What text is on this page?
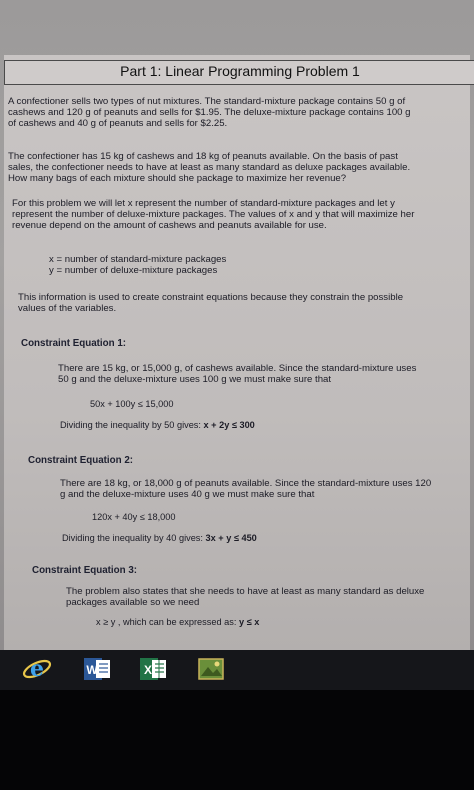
Part 1: Linear Programming Problem 1
A confectioner sells two types of nut mixtures. The standard-mixture package contains 50 g of
cashews and 120 g of peanuts and sells for $1.95. The deluxe-mixture package contains 100 g
of cashews and 40 g of peanuts and sells for $2.25.
The confectioner has 15 kg of cashews and 18 kg of peanuts available. On the basis of past
sales, the confectioner needs to have at least as many standard as deluxe packages available.
How many bags of each mixture should she package to maximize her revenue?
For this problem we will let x represent the number of standard-mixture packages and let y
represent the number of deluxe-mixture packages. The values of x and y that will maximize her
revenue depend on the amount of cashews and peanuts available for use.
x = number of standard-mixture packages
y = number of deluxe-mixture packages
This information is used to create constraint equations because they constrain the possible
values of the variables.
Constraint Equation 1:
There are 15 kg, or 15,000 g, of cashews available. Since the standard-mixture uses
50 g and the deluxe-mixture uses 100 g we must make sure that
50x + 100y ≤ 15,000
Dividing the inequality by 50 gives: x + 2y ≤ 300
Constraint Equation 2:
There are 18 kg, or 18,000 g of peanuts available. Since the standard-mixture uses 120
g and the deluxe-mixture uses 40 g we must make sure that
120x + 40y ≤ 18,000
Dividing the inequality by 40 gives: 3x + y ≤ 450
Constraint Equation 3:
The problem also states that she needs to have at least as many standard as deluxe
packages available so we need
x ≥ y , which can be expressed as: y ≤ x
e	W	X
